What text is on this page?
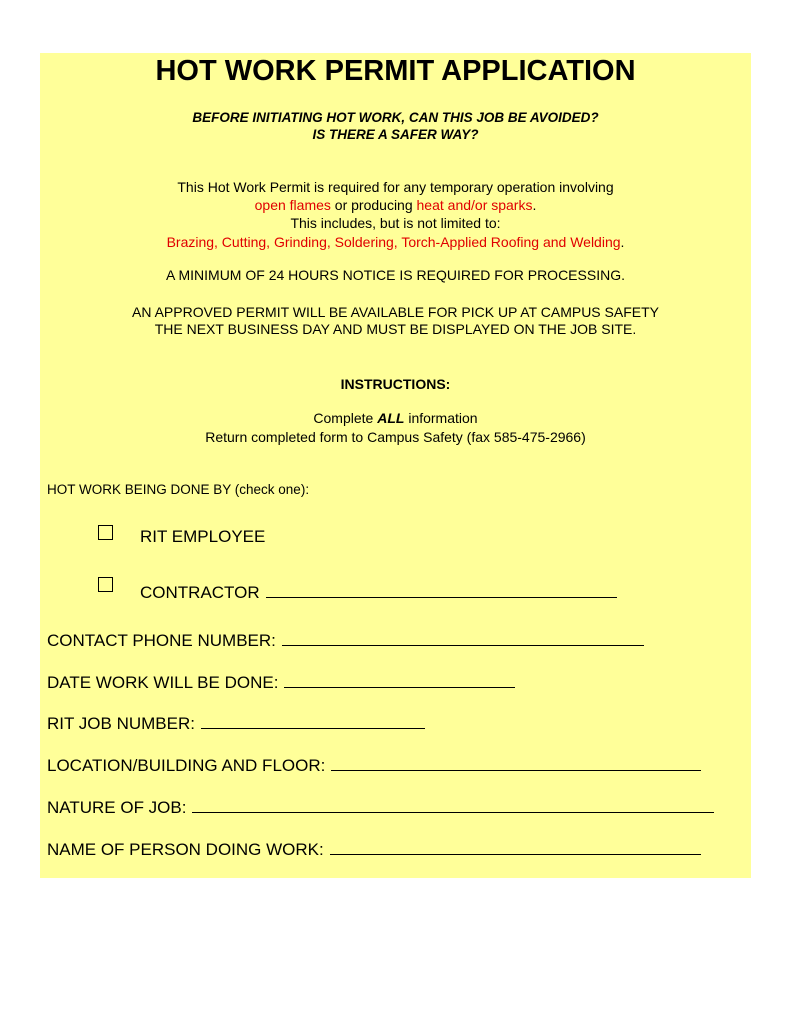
HOT WORK PERMIT APPLICATION
BEFORE INITIATING HOT WORK, CAN THIS JOB BE AVOIDED?
IS THERE A SAFER WAY?
This Hot Work Permit is required for any temporary operation involving
open flames or producing heat and/or sparks.
This includes, but is not limited to:
Brazing, Cutting, Grinding, Soldering, Torch-Applied Roofing and Welding.
A MINIMUM OF 24 HOURS NOTICE IS REQUIRED FOR PROCESSING.
AN APPROVED PERMIT WILL BE AVAILABLE FOR PICK UP AT CAMPUS SAFETY
THE NEXT BUSINESS DAY AND MUST BE DISPLAYED ON THE JOB SITE.
INSTRUCTIONS:
Complete ALL information
Return completed form to Campus Safety (fax 585-475-2966)
HOT WORK BEING DONE BY (check one):
RIT EMPLOYEE
CONTRACTOR
CONTACT PHONE NUMBER:
DATE WORK WILL BE DONE:
RIT JOB NUMBER:
LOCATION/BUILDING AND FLOOR:
NATURE OF JOB:
NAME OF PERSON DOING WORK:
